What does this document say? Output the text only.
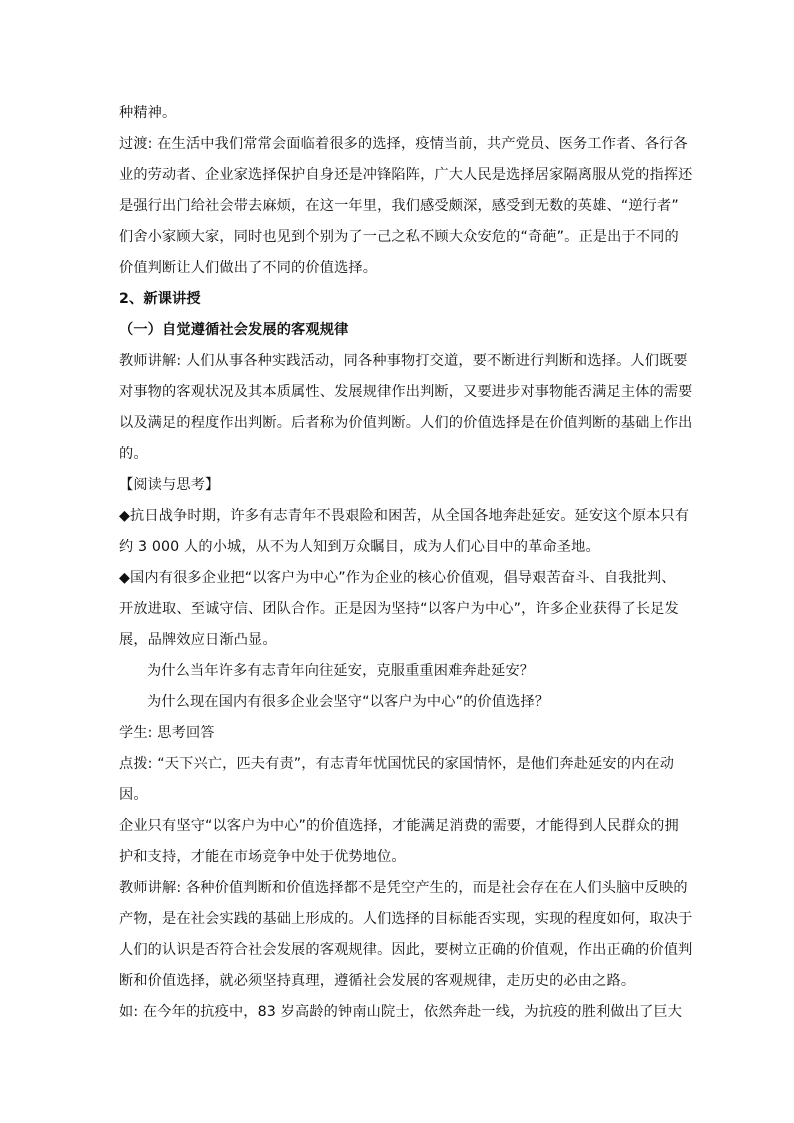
种精神。
过渡: 在生活中我们常常会面临着很多的选择，疫情当前，共产党员、医务工作者、各行各
业的劳动者、企业家选择保护自身还是冲锋陷阵，广大人民是选择居家隔离服从党的指挥还
是强行出门给社会带去麻烦，在这一年里，我们感受颇深，感受到无数的英雄、“逆行者”
们舍小家顾大家，同时也见到个别为了一己之私不顾大众安危的“奇葩”。正是出于不同的
价值判断让人们做出了不同的价值选择。
2、新课讲授
（一）自觉遵循社会发展的客观规律
教师讲解: 人们从事各种实践活动，同各种事物打交道，要不断进行判断和选择。人们既要
对事物的客观状况及其本质属性、发展规律作出判断，又要进步对事物能否满足主体的需要
以及满足的程度作出判断。后者称为价值判断。人们的价值选择是在价值判断的基础上作出
的。
【阅读与思考】
◆抗日战争时期，许多有志青年不畏艰险和困苦，从全国各地奔赴延安。延安这个原本只有
约 3 000 人的小城，从不为人知到万众瞩目，成为人们心目中的革命圣地。
◆国内有很多企业把“以客户为中心”作为企业的核心价值观，倡导艰苦奋斗、自我批判、
开放进取、至诚守信、团队合作。正是因为坚持“以客户为中心”，许多企业获得了长足发
展，品牌效应日渐凸显。
为什么当年许多有志青年向往延安，克服重重困难奔赴延安？
为什么现在国内有很多企业会坚守“以客户为中心”的价值选择？
学生: 思考回答
点拨: “天下兴亡，匹夫有责”，有志青年忧国忧民的家国情怀，是他们奔赴延安的内在动
因。
企业只有坚守“以客户为中心”的价值选择，才能满足消费的需要，才能得到人民群众的拥
护和支持，才能在市场竞争中处于优势地位。
教师讲解: 各种价值判断和价值选择都不是凭空产生的，而是社会存在在人们头脑中反映的
产物，是在社会实践的基础上形成的。人们选择的目标能否实现，实现的程度如何，取决于
人们的认识是否符合社会发展的客观规律。因此，要树立正确的价值观，作出正确的价值判
断和价值选择，就必须坚持真理，遵循社会发展的客观规律，走历史的必由之路。
如: 在今年的抗疫中，83 岁高龄的钟南山院士，依然奔赴一线，为抗疫的胜利做出了巨大
